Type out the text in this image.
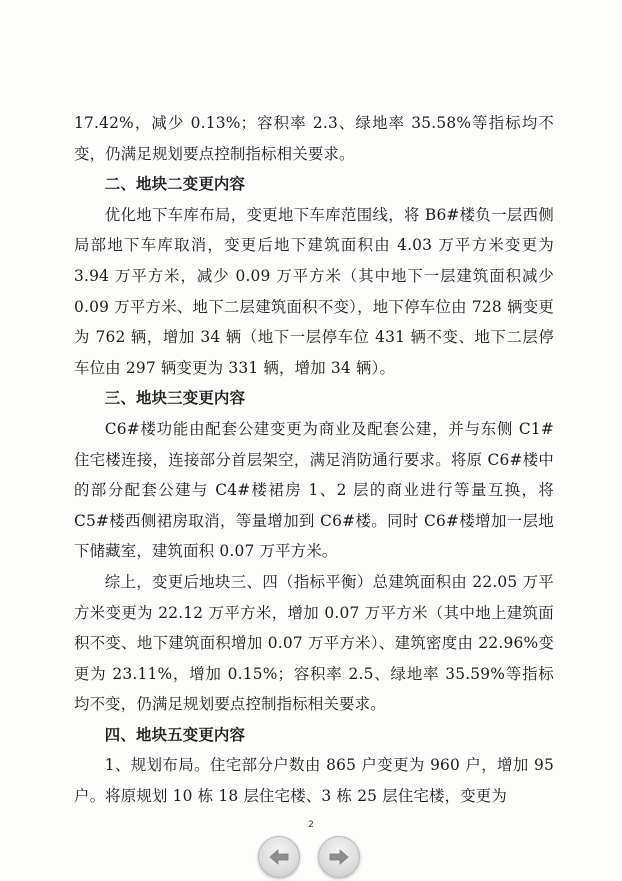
17.42%，减少 0.13%；容积率 2.3、绿地率 35.58%等指标均不变，仍满足规划要点控制指标相关要求。

二、地块二变更内容

优化地下车库布局，变更地下车库范围线，将 B6#楼负一层西侧局部地下车库取消，变更后地下建筑面积由 4.03 万平方米变更为 3.94 万平方米，减少 0.09 万平方米（其中地下一层建筑面积减少 0.09 万平方米、地下二层建筑面积不变），地下停车位由 728 辆变更为 762 辆，增加 34 辆（地下一层停车位 431 辆不变、地下二层停车位由 297 辆变更为 331 辆，增加 34 辆）。

三、地块三变更内容

C6#楼功能由配套公建变更为商业及配套公建，并与东侧 C1#住宅楼连接，连接部分首层架空，满足消防通行要求。将原 C6#楼中的部分配套公建与 C4#楼裙房 1、2 层的商业进行等量互换，将 C5#楼西侧裙房取消，等量增加到 C6#楼。同时 C6#楼增加一层地下储藏室，建筑面积 0.07 万平方米。

综上，变更后地块三、四（指标平衡）总建筑面积由 22.05 万平方米变更为 22.12 万平方米，增加 0.07 万平方米（其中地上建筑面积不变、地下建筑面积增加 0.07 万平方米）、建筑密度由 22.96%变更为 23.11%，增加 0.15%；容积率 2.5、绿地率 35.59%等指标均不变，仍满足规划要点控制指标相关要求。

四、地块五变更内容

1、规划布局。住宅部分户数由 865 户变更为 960 户，增加 95 户。将原规划 10 栋 18 层住宅楼、3 栋 25 层住宅楼，变更为

2
